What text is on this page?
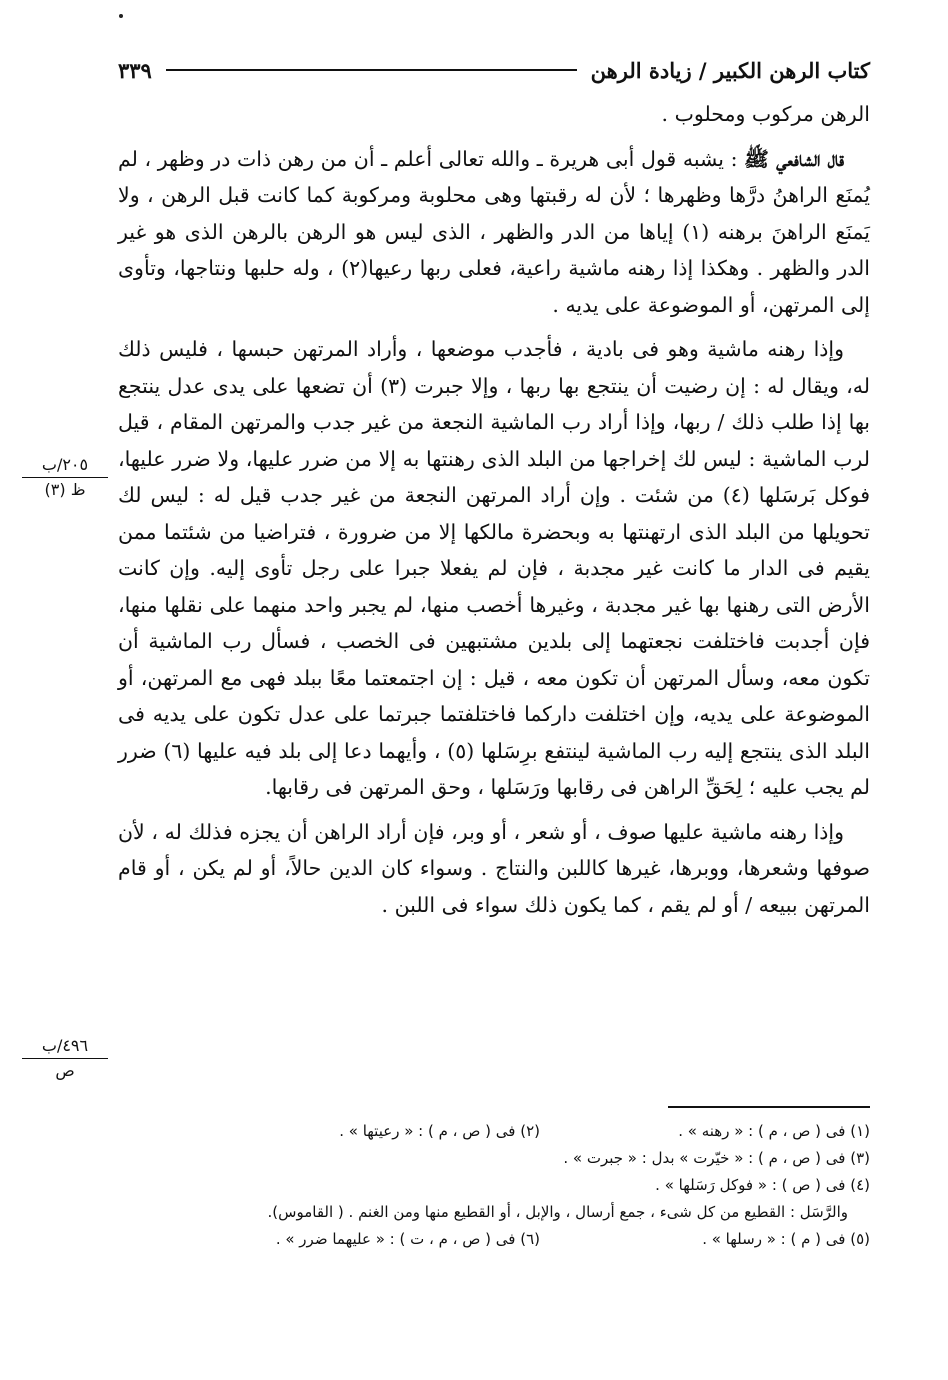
كتاب الرهن الكبير / زيادة الرهن
٣٣٩

الرهن مركوب ومحلوب .

قال الشافعي ﷺ : يشبه قول أبى هريرة ـ والله تعالى أعلم ـ أن من رهن ذات در وظهر ، لم يُمنَع الراهنُ درَّها وظهرها ؛ لأن له رقبتها وهى محلوبة ومركوبة كما كانت قبل الرهن ، ولا يَمنَع الراهنَ برهنه (١) إياها من الدر والظهر ، الذى ليس هو الرهن بالرهن الذى هو غير الدر والظهر . وهكذا إذا رهنه ماشية راعية، فعلى ربها رعيها(٢) ، وله حلبها ونتاجها، وتأوى إلى المرتهن، أو الموضوعة على يديه .

وإذا رهنه ماشية وهو فى بادية ، فأجدب موضعها ، وأراد المرتهن حبسها ، فليس ذلك له، ويقال له : إن رضيت أن ينتجع بها ربها ، وإلا جبرت (٣) أن تضعها على يدى عدل ينتجع بها إذا طلب ذلك / ربها، وإذا أراد رب الماشية النجعة من غير جدب والمرتهن المقام ، قيل لرب الماشية : ليس لك إخراجها من البلد الذى رهنتها به إلا من ضرر عليها، ولا ضرر عليها، فوكل بَرسَلها (٤) من شئت . وإن أراد المرتهن النجعة من غير جدب قيل له : ليس لك تحويلها من البلد الذى ارتهنتها به وبحضرة مالكها إلا من ضرورة ، فتراضيا من شئتما ممن يقيم فى الدار ما كانت غير مجدبة ، فإن لم يفعلا جبرا على رجل تأوى إليه. وإن كانت الأرض التى رهنها بها غير مجدبة ، وغيرها أخصب منها، لم يجبر واحد منهما على نقلها منها، فإن أجدبت فاختلفت نجعتهما إلى بلدين مشتبهين فى الخصب ، فسأل رب الماشية أن تكون معه، وسأل المرتهن أن تكون معه ، قيل : إن اجتمعتما معًا ببلد فهى مع المرتهن، أو الموضوعة على يديه، وإن اختلفت داركما فاختلفتما جبرتما على عدل تكون على يديه فى البلد الذى ينتجع إليه رب الماشية لينتفع برِسَلها (٥) ، وأيهما دعا إلى بلد فيه عليها (٦) ضرر لم يجب عليه ؛ لِحَقِّ الراهن فى رقابها ورَسَلها ، وحق المرتهن فى رقابها.

وإذا رهنه ماشية عليها صوف ، أو شعر ، أو وبر، فإن أراد الراهن أن يجزه فذلك له ، لأن صوفها وشعرها، ووبرها، غيرها كاللبن والنتاج . وسواء كان الدين حالاً، أو لم يكن ، أو قام المرتهن ببيعه / أو لم يقم ، كما يكون ذلك سواء فى اللبن .

٢٠٥/ب
ظ (٣)
٤٩٦/ب
ص
(١) فى ( ص ، م ) : « رهنه » .
(٢) فى ( ص ، م ) : « رعيتها » .
(٣) فى ( ص ، م ) : « خيّرت » بدل : « جبرت » .
(٤) فى ( ص ) : « فوكل رَسَلها » .
والرَّسَل : القطيع من كل شىء ، جمع أرسال ، والإبل ، أو القطيع منها ومن الغنم . ( القاموس).
(٥) فى ( م ) : « رسلها » .
(٦) فى ( ص ، م ، ت ) : « عليهما ضرر » .
